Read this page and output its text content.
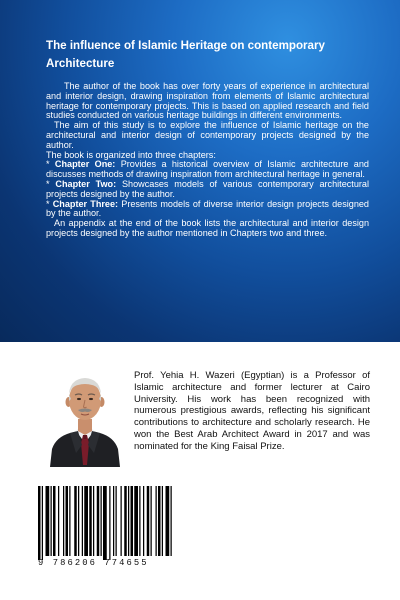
The influence of Islamic Heritage on contemporary Architecture

The author of the book has over forty years of experience in architectural and interior design, drawing inspiration from elements of Islamic architectural heritage for contemporary projects. This is based on applied research and field studies conducted on various heritage buildings in different environments.

The aim of this study is to explore the influence of Islamic heritage on the architectural and interior design of contemporary projects designed by the author.

The book is organized into three chapters:

* Chapter One: Provides a historical overview of Islamic architecture and discusses methods of drawing inspiration from architectural heritage in general.

* Chapter Two: Showcases models of various contemporary architectural projects designed by the author.

* Chapter Three: Presents models of diverse interior design projects designed by the author.

An appendix at the end of the book lists the architectural and interior design projects designed by the author mentioned in Chapters two and three.

Prof. Yehia H. Wazeri (Egyptian) is a Professor of Islamic architecture and former lecturer at Cairo University. His work has been recognized with numerous prestigious awards, reflecting his significant contributions to architecture and scholarly research. He won the Best Arab Architect Award in 2017 and was nominated for the King Faisal Prize.

9 786206 774655
